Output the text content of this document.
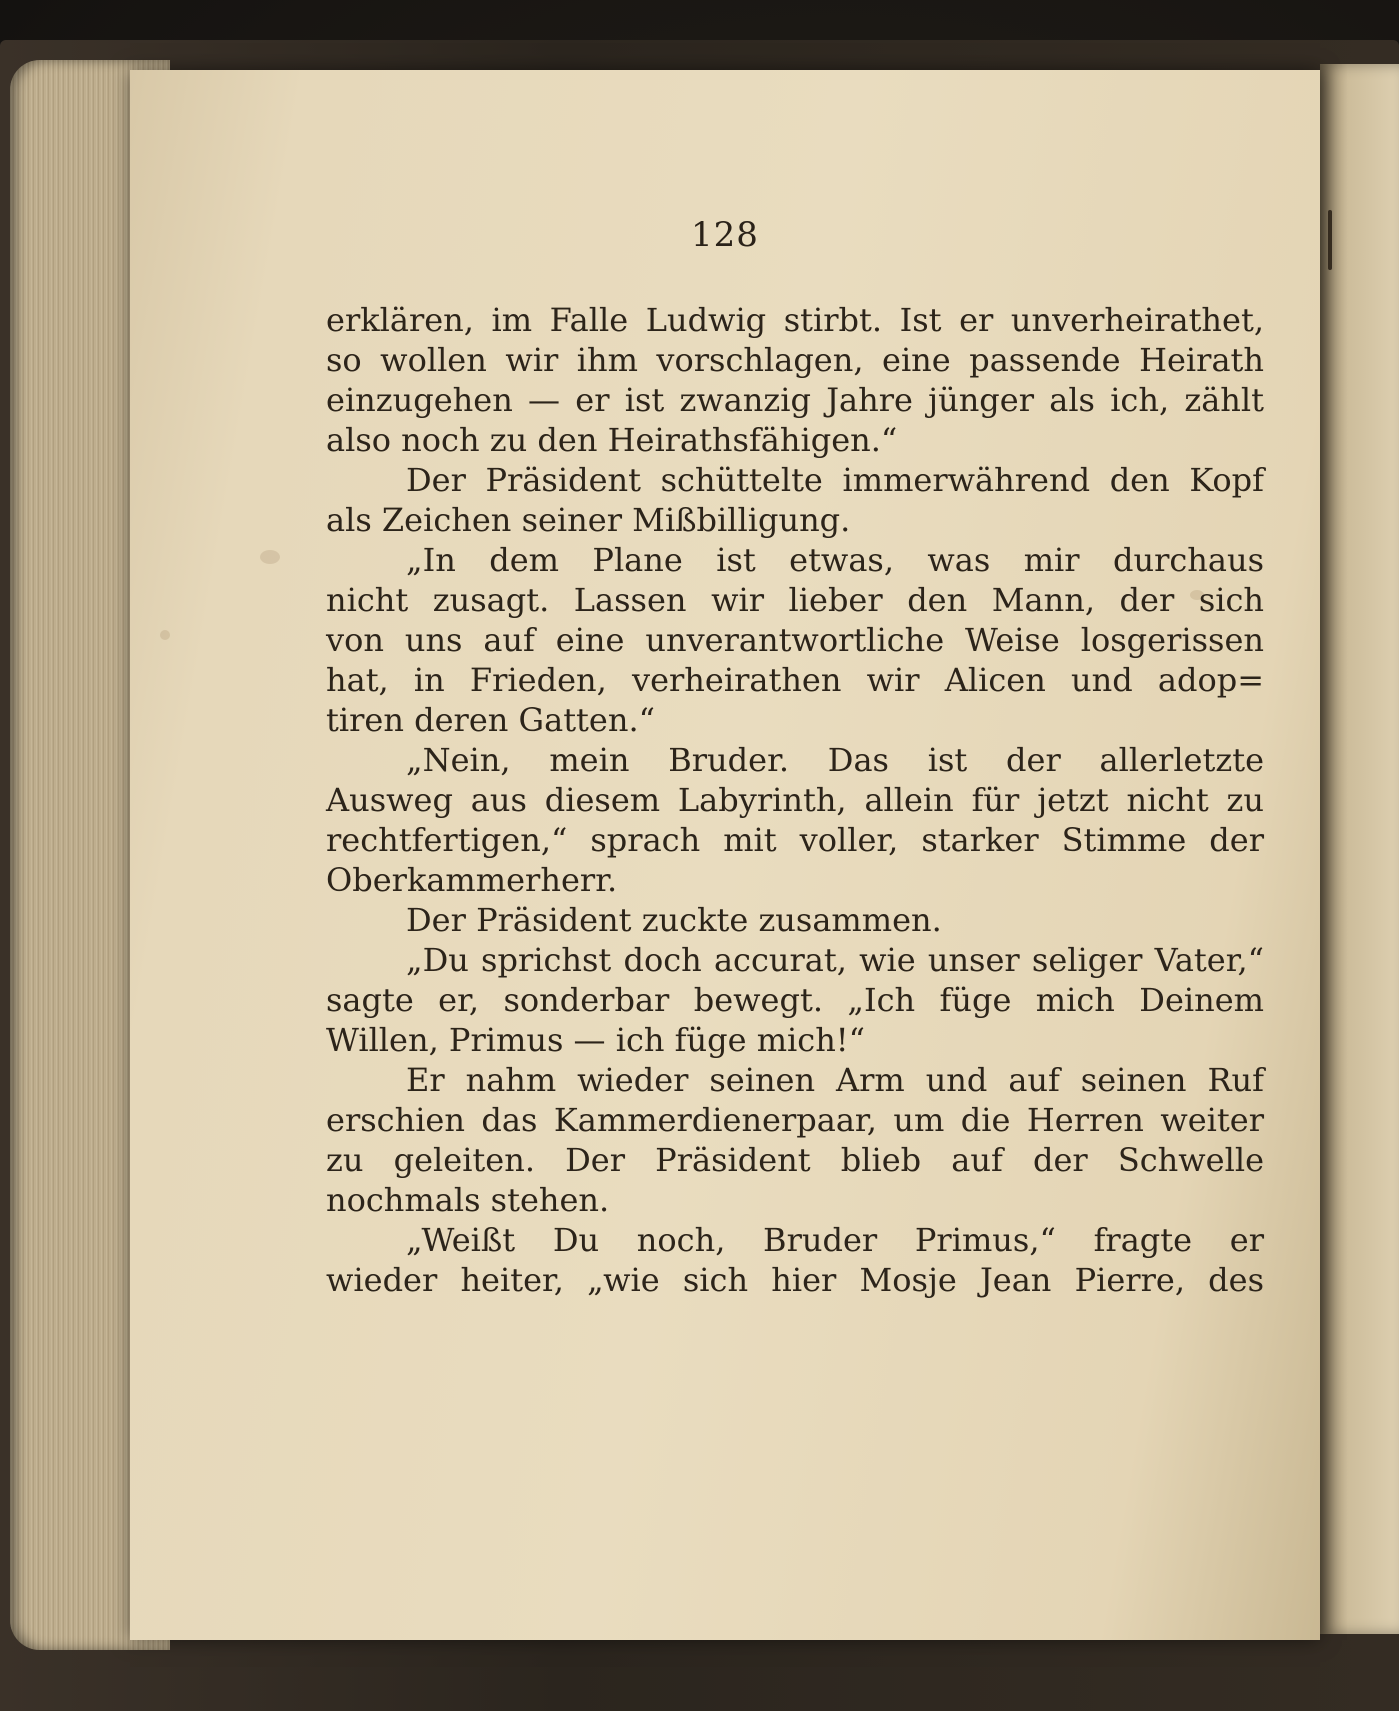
128
erklären, im Falle Ludwig stirbt. Ist er unverheirathet,
so wollen wir ihm vorschlagen, eine passende Heirath
einzugehen — er ist zwanzig Jahre jünger als ich, zählt
also noch zu den Heirathsfähigen.“
Der Präsident schüttelte immerwährend den Kopf
als Zeichen seiner Mißbilligung.
„In dem Plane ist etwas, was mir durchaus
nicht zusagt. Lassen wir lieber den Mann, der sich
von uns auf eine unverantwortliche Weise losgerissen
hat, in Frieden, verheirathen wir Alicen und adop=
tiren deren Gatten.“
„Nein, mein Bruder. Das ist der allerletzte
Ausweg aus diesem Labyrinth, allein für jetzt nicht zu
rechtfertigen,“ sprach mit voller, starker Stimme der
Oberkammerherr.
Der Präsident zuckte zusammen.
„Du sprichst doch accurat, wie unser seliger Vater,“
sagte er, sonderbar bewegt. „Ich füge mich Deinem
Willen, Primus — ich füge mich!“
Er nahm wieder seinen Arm und auf seinen Ruf
erschien das Kammerdienerpaar, um die Herren weiter
zu geleiten. Der Präsident blieb auf der Schwelle
nochmals stehen.
„Weißt Du noch, Bruder Primus,“ fragte er
wieder heiter, „wie sich hier Mosje Jean Pierre, des
